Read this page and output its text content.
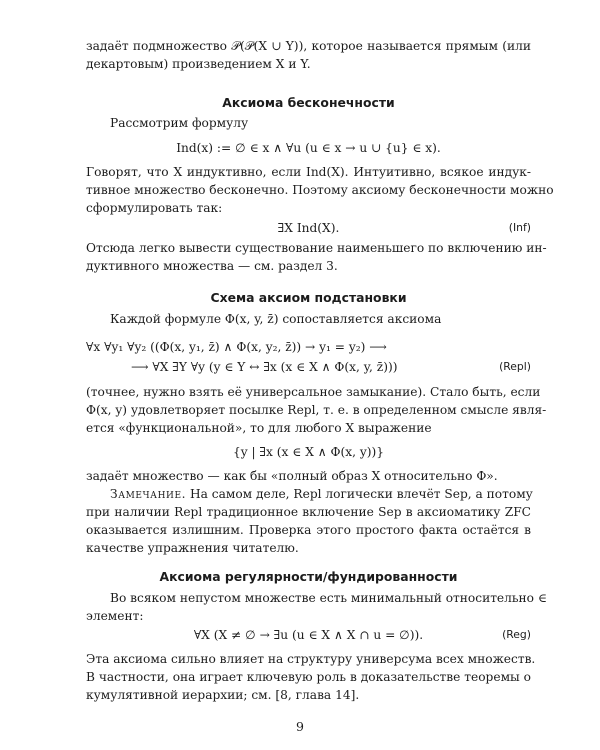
задаёт подмножество 𝒫(𝒫(X ∪ Y)), которое называется прямым (или

декартовым) произведением X и Y.

Аксиома бесконечности

Рассмотрим формулу

Ind(x) := ∅ ∈ x ∧ ∀u (u ∈ x → u ∪ {u} ∈ x).

Говорят, что X индуктивно, если Ind(X). Интуитивно, всякое индук-

тивное множество бесконечно. Поэтому аксиому бесконечности можно

сформулировать так:

∃X Ind(X).	(Inf)

Отсюда легко вывести существование наименьшего по включению ин-

дуктивного множества — см. раздел 3.

Схема аксиом подстановки

Каждой формуле Φ(x, y, z̄) сопоставляется аксиома

∀x ∀y₁ ∀y₂ ((Φ(x, y₁, z̄) ∧ Φ(x, y₂, z̄)) → y₁ = y₂) ⟶

⟶ ∀X ∃Y ∀y (y ∈ Y ↔ ∃x (x ∈ X ∧ Φ(x, y, z̄)))	(Repl)

(точнее, нужно взять её универсальное замыкание). Стало быть, если

Φ(x, y) удовлетворяет посылке Repl, т. е. в определенном смысле явля-

ется «функциональной», то для любого X выражение

{y | ∃x (x ∈ X ∧ Φ(x, y))}

задаёт множество — как бы «полный образ X относительно Φ».

Замечание. На самом деле, Repl логически влечёт Sep, а потому

при наличии Repl традиционное включение Sep в аксиоматику ZFC

оказывается излишним. Проверка этого простого факта остаётся в

качестве упражнения читателю.

Аксиома регулярности/фундированности

Во всяком непустом множестве есть минимальный относительно ∈

элемент:

∀X (X ≠ ∅ → ∃u (u ∈ X ∧ X ∩ u = ∅)).	(Reg)

Эта аксиома сильно влияет на структуру универсума всех множеств.

В частности, она играет ключевую роль в доказательстве теоремы о

кумулятивной иерархии; см. [8, глава 14].

9
